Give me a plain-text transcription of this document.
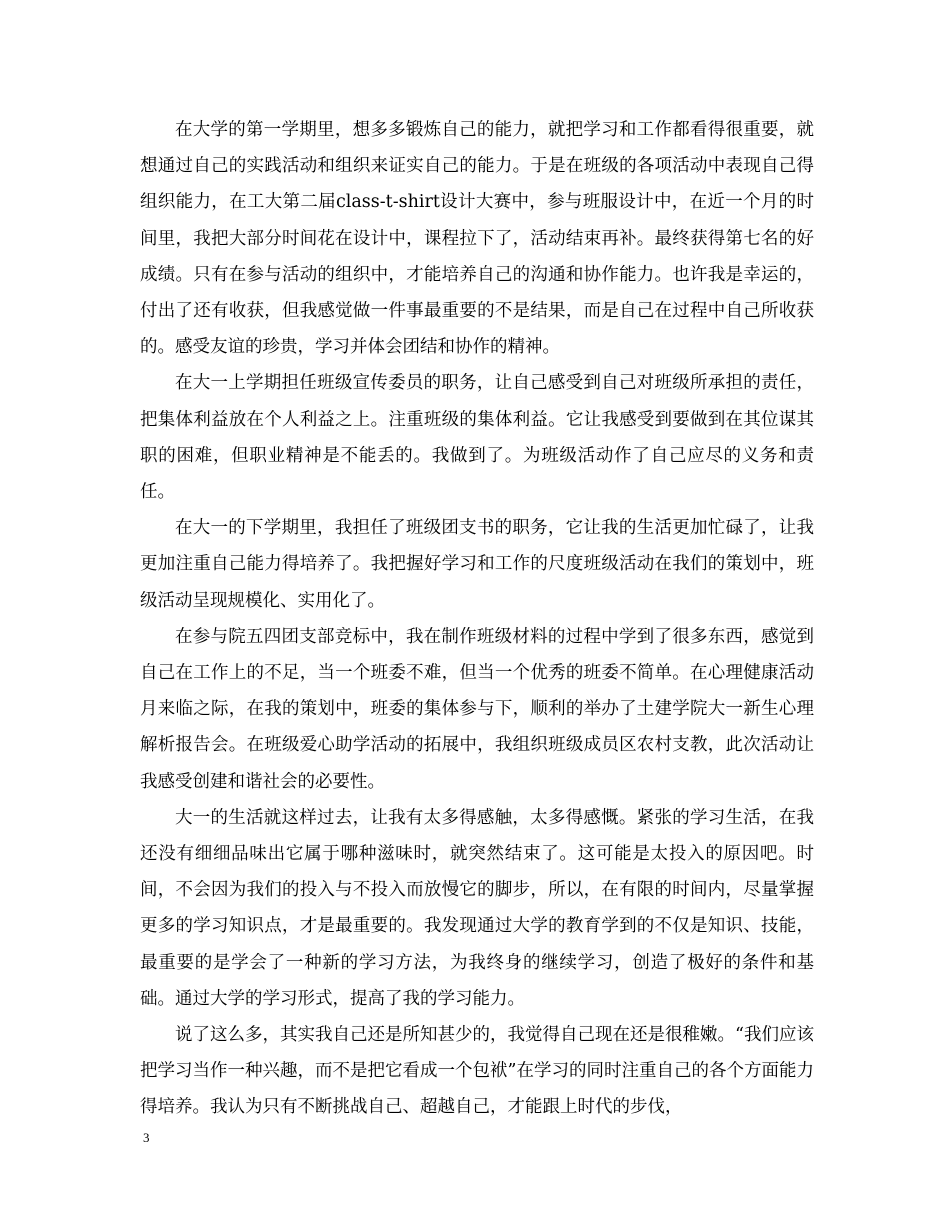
在大学的第一学期里，想多多锻炼自己的能力，就把学习和工作都看得很重要，就想通过自己的实践活动和组织来证实自己的能力。于是在班级的各项活动中表现自己得组织能力，在工大第二届class-t-shirt设计大赛中，参与班服设计中，在近一个月的时间里，我把大部分时间花在设计中，课程拉下了，活动结束再补。最终获得第七名的好成绩。只有在参与活动的组织中，才能培养自己的沟通和协作能力。也许我是幸运的，付出了还有收获，但我感觉做一件事最重要的不是结果，而是自己在过程中自己所收获的。感受友谊的珍贵，学习并体会团结和协作的精神。

在大一上学期担任班级宣传委员的职务，让自己感受到自己对班级所承担的责任，把集体利益放在个人利益之上。注重班级的集体利益。它让我感受到要做到在其位谋其职的困难，但职业精神是不能丢的。我做到了。为班级活动作了自己应尽的义务和责任。

在大一的下学期里，我担任了班级团支书的职务，它让我的生活更加忙碌了，让我更加注重自己能力得培养了。我把握好学习和工作的尺度班级活动在我们的策划中，班级活动呈现规模化、实用化了。

在参与院五四团支部竞标中，我在制作班级材料的过程中学到了很多东西，感觉到自己在工作上的不足，当一个班委不难，但当一个优秀的班委不简单。在心理健康活动月来临之际，在我的策划中，班委的集体参与下，顺利的举办了土建学院大一新生心理解析报告会。在班级爱心助学活动的拓展中，我组织班级成员区农村支教，此次活动让我感受创建和谐社会的必要性。

大一的生活就这样过去，让我有太多得感触，太多得感慨。紧张的学习生活，在我还没有细细品味出它属于哪种滋味时，就突然结束了。这可能是太投入的原因吧。时间，不会因为我们的投入与不投入而放慢它的脚步，所以，在有限的时间内，尽量掌握更多的学习知识点，才是最重要的。我发现通过大学的教育学到的不仅是知识、技能，最重要的是学会了一种新的学习方法，为我终身的继续学习，创造了极好的条件和基础。通过大学的学习形式，提高了我的学习能力。

说了这么多，其实我自己还是所知甚少的，我觉得自己现在还是很稚嫩。“我们应该把学习当作一种兴趣，而不是把它看成一个包袱”在学习的同时注重自己的各个方面能力得培养。我认为只有不断挑战自己、超越自己，才能跟上时代的步伐，

3
